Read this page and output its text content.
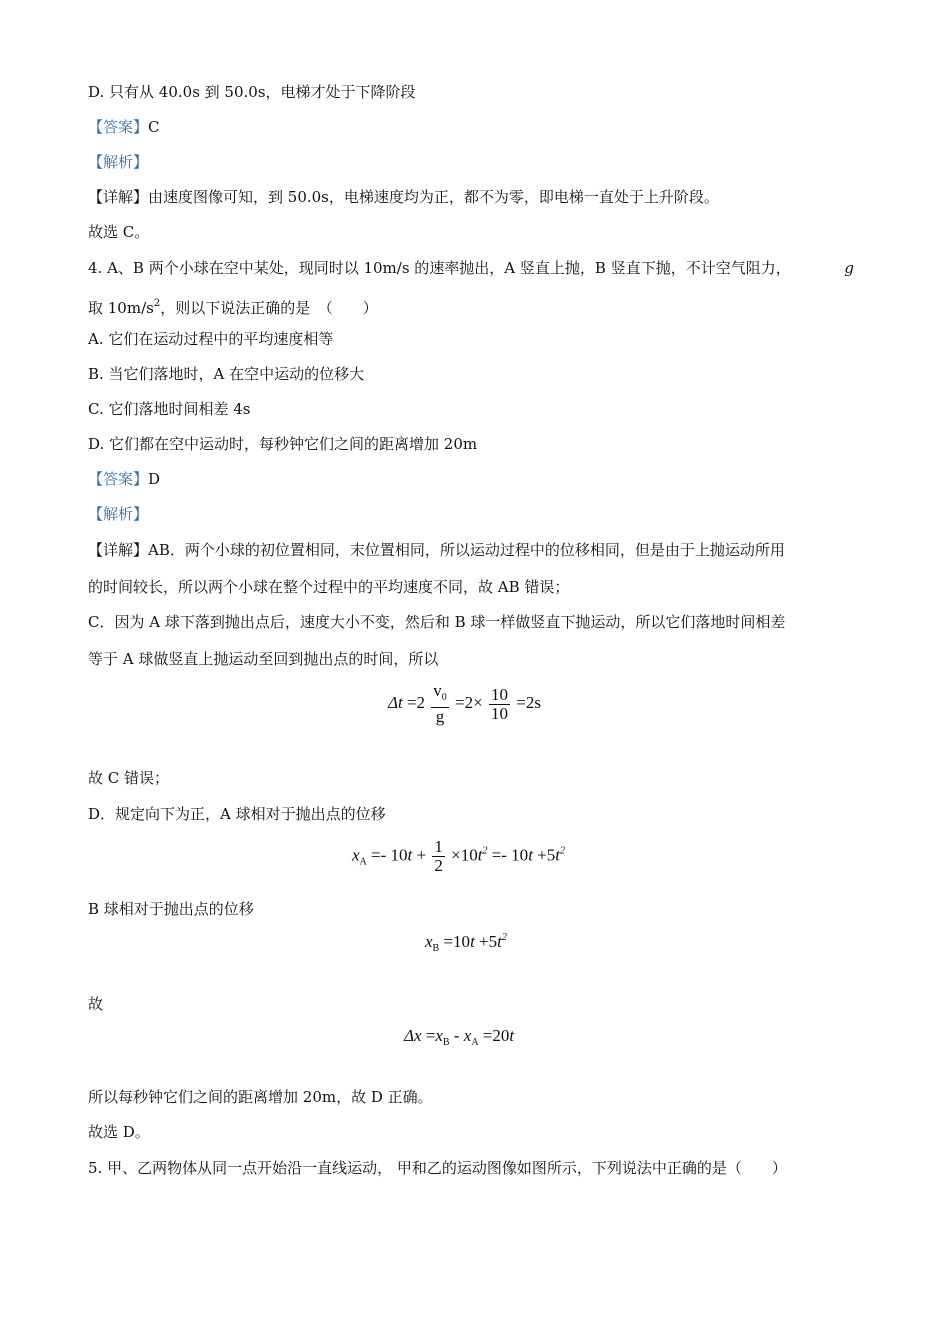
D. 只有从 40.0s 到 50.0s，电梯才处于下降阶段
【答案】C
【解析】
【详解】由速度图像可知，到 50.0s，电梯速度均为正，都不为零，即电梯一直处于上升阶段。
故选 C。
4. A、B 两个小球在空中某处，现同时以 10m/s 的速率抛出，A 竖直上抛，B 竖直下抛，不计空气阻力，	g
取 $10m/s^2$，则以下说法正确的是　（　　）
A. 它们在运动过程中的平均速度相等
B. 当它们落地时，A 在空中运动的位移大
C. 它们落地时间相差 4s
D. 它们都在空中运动时，每秒钟它们之间的距离增加 20m
【答案】D
【解析】
【详解】AB．两个小球的初位置相同，末位置相同，所以运动过程中的位移相同，但是由于上抛运动所用
的时间较长，所以两个小球在整个过程中的平均速度不同，故 AB 错误；
C．因为 A 球下落到抛出点后，速度大小不变，然后和 B 球一样做竖直下抛运动，所以它们落地时间相差
等于 A 球做竖直上抛运动至回到抛出点的时间，所以
$\Delta t =2 \frac{v_0}{g} =2\times \frac{10}{10} =2s$
故 C 错误；
D．规定向下为正，A 球相对于抛出点的位移
$x_A =- 10t + \frac{1}{2} \times 10t^2 =- 10t +5t^2$
B 球相对于抛出点的位移
$x_B =10t +5t^2$
故
$\Delta x =x_B - x_A =20t$
所以每秒钟它们之间的距离增加 20m，故 D 正确。
故选 D。
5. 甲、乙两物体从同一点开始沿一直线运动， 甲和乙的运动图像如图所示，下列说法中正确的是（　　）
